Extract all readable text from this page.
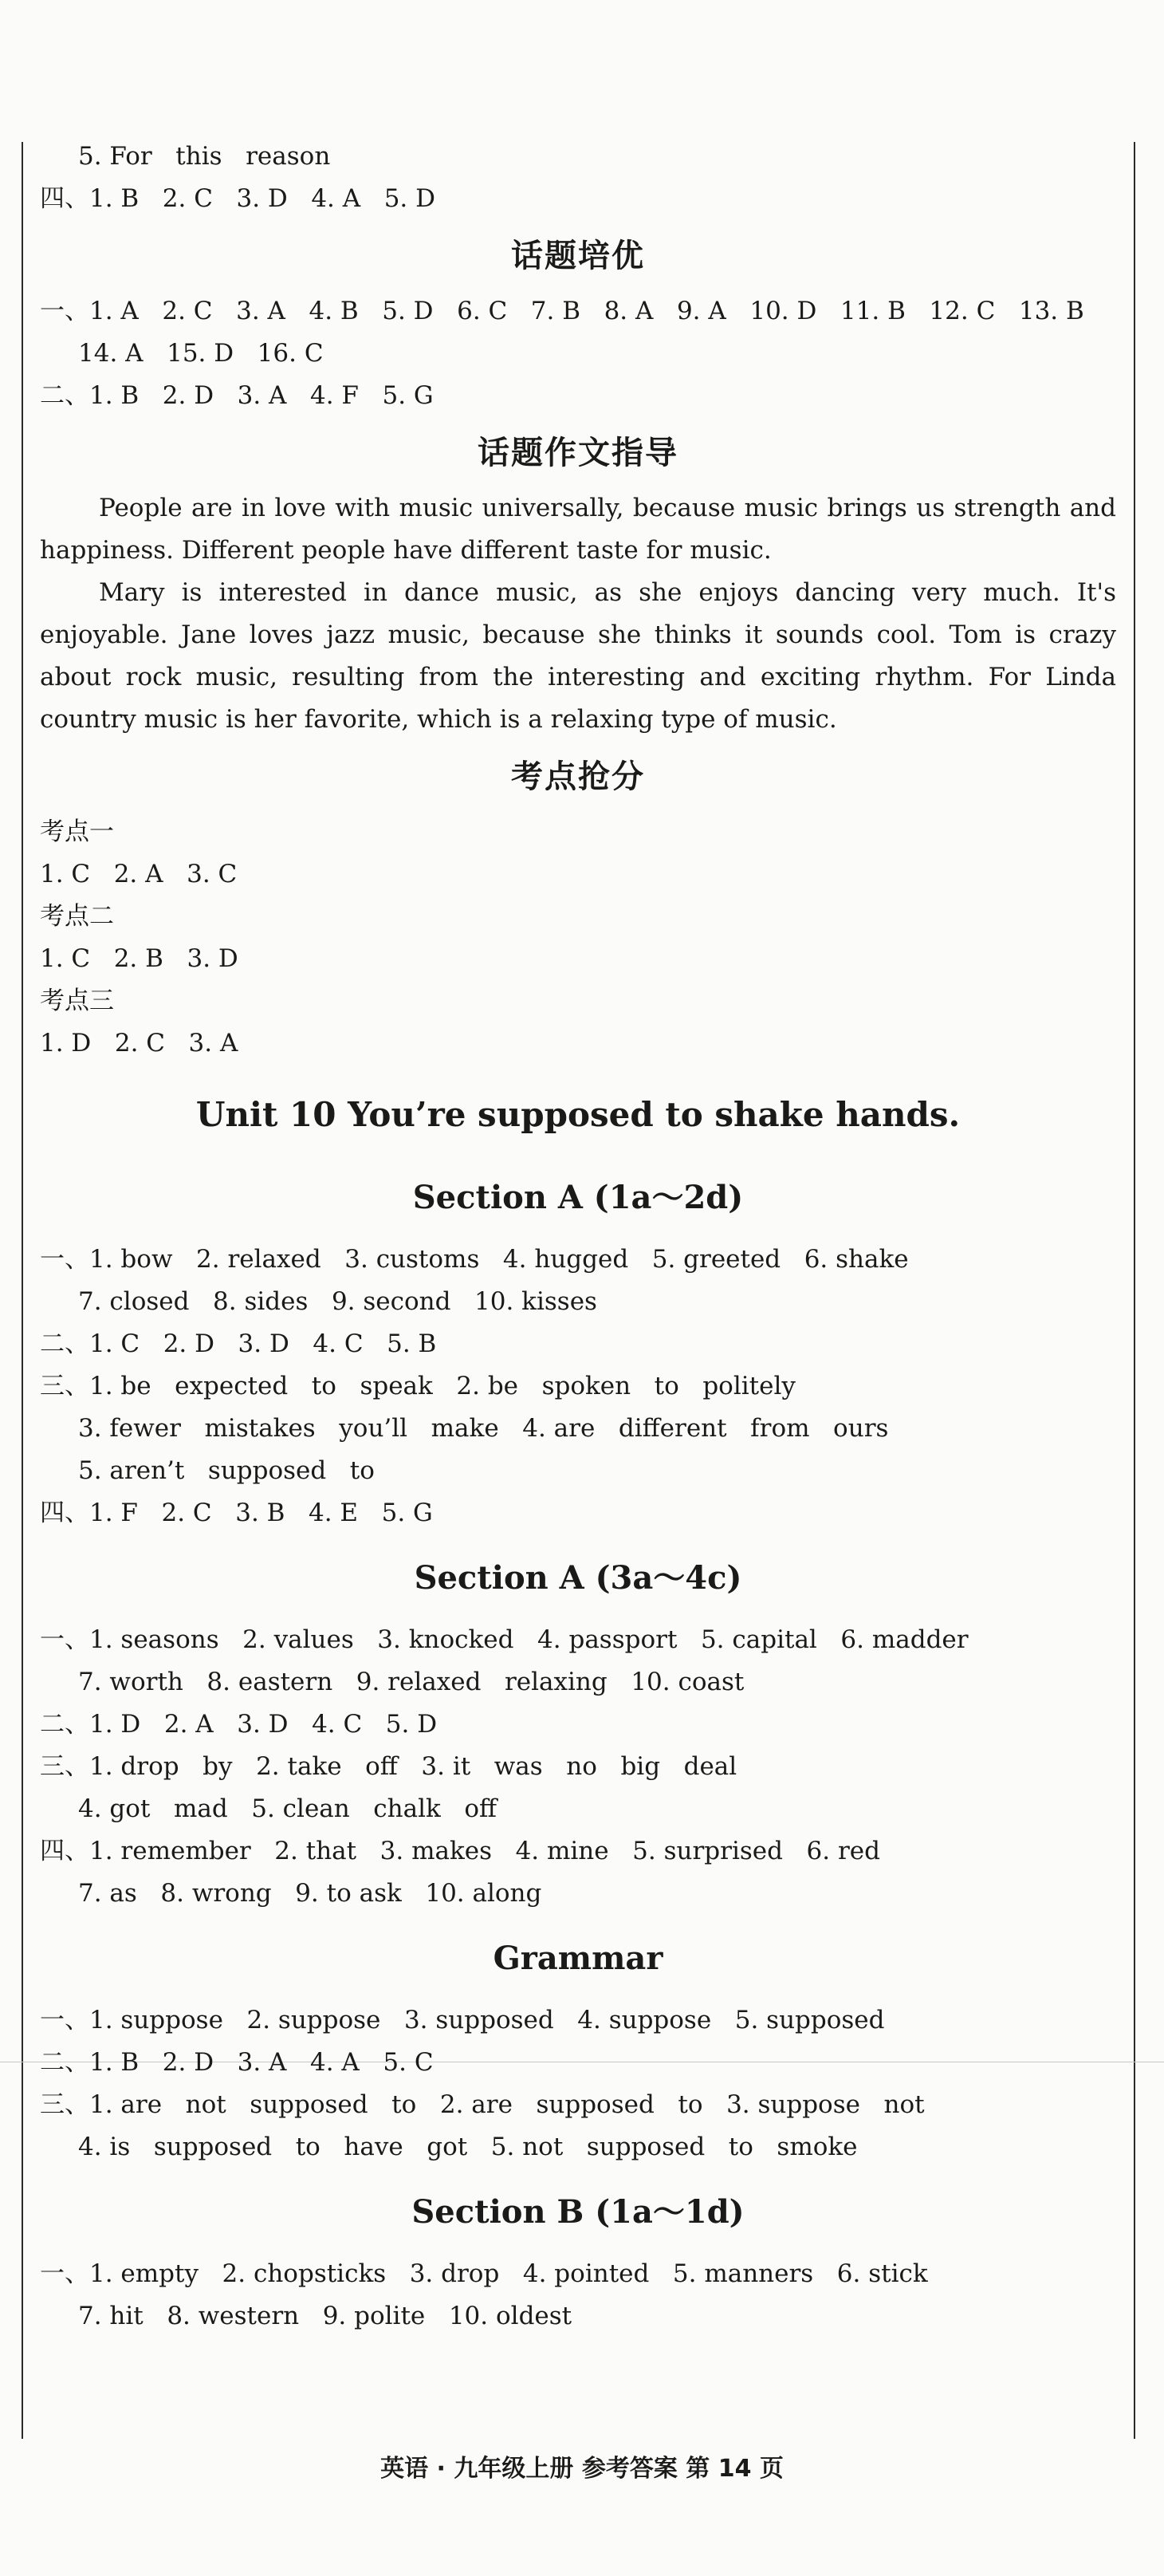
5. For   this   reason
四、1. B   2. C   3. D   4. A   5. D
话题培优
一、1. A   2. C   3. A   4. B   5. D   6. C   7. B   8. A   9. A   10. D   11. B   12. C   13. B
14. A   15. D   16. C
二、1. B   2. D   3. A   4. F   5. G
话题作文指导
People are in love with music universally, because music brings us strength and happiness. Different people have different taste for music.
Mary is interested in dance music, as she enjoys dancing very much. It's enjoyable. Jane loves jazz music, because she thinks it sounds cool. Tom is crazy about rock music, resulting from the interesting and exciting rhythm. For Linda country music is her favorite, which is a relaxing type of music.
考点抢分
考点一
1. C   2. A   3. C
考点二
1. C   2. B   3. D
考点三
1. D   2. C   3. A
Unit 10 You’re supposed to shake hands.
Section A (1a～2d)
一、1. bow   2. relaxed   3. customs   4. hugged   5. greeted   6. shake
7. closed   8. sides   9. second   10. kisses
二、1. C   2. D   3. D   4. C   5. B
三、1. be   expected   to   speak   2. be   spoken   to   politely
3. fewer   mistakes   you’ll   make   4. are   different   from   ours
5. aren’t   supposed   to
四、1. F   2. C   3. B   4. E   5. G
Section A (3a～4c)
一、1. seasons   2. values   3. knocked   4. passport   5. capital   6. madder
7. worth   8. eastern   9. relaxed   relaxing   10. coast
二、1. D   2. A   3. D   4. C   5. D
三、1. drop   by   2. take   off   3. it   was   no   big   deal
4. got   mad   5. clean   chalk   off
四、1. remember   2. that   3. makes   4. mine   5. surprised   6. red
7. as   8. wrong   9. to ask   10. along
Grammar
一、1. suppose   2. suppose   3. supposed   4. suppose   5. supposed
二、1. B   2. D   3. A   4. A   5. C
三、1. are   not   supposed   to   2. are   supposed   to   3. suppose   not
4. is   supposed   to   have   got   5. not   supposed   to   smoke
Section B (1a～1d)
一、1. empty   2. chopsticks   3. drop   4. pointed   5. manners   6. stick
7. hit   8. western   9. polite   10. oldest
英语 · 九年级上册 参考答案 第 14 页
